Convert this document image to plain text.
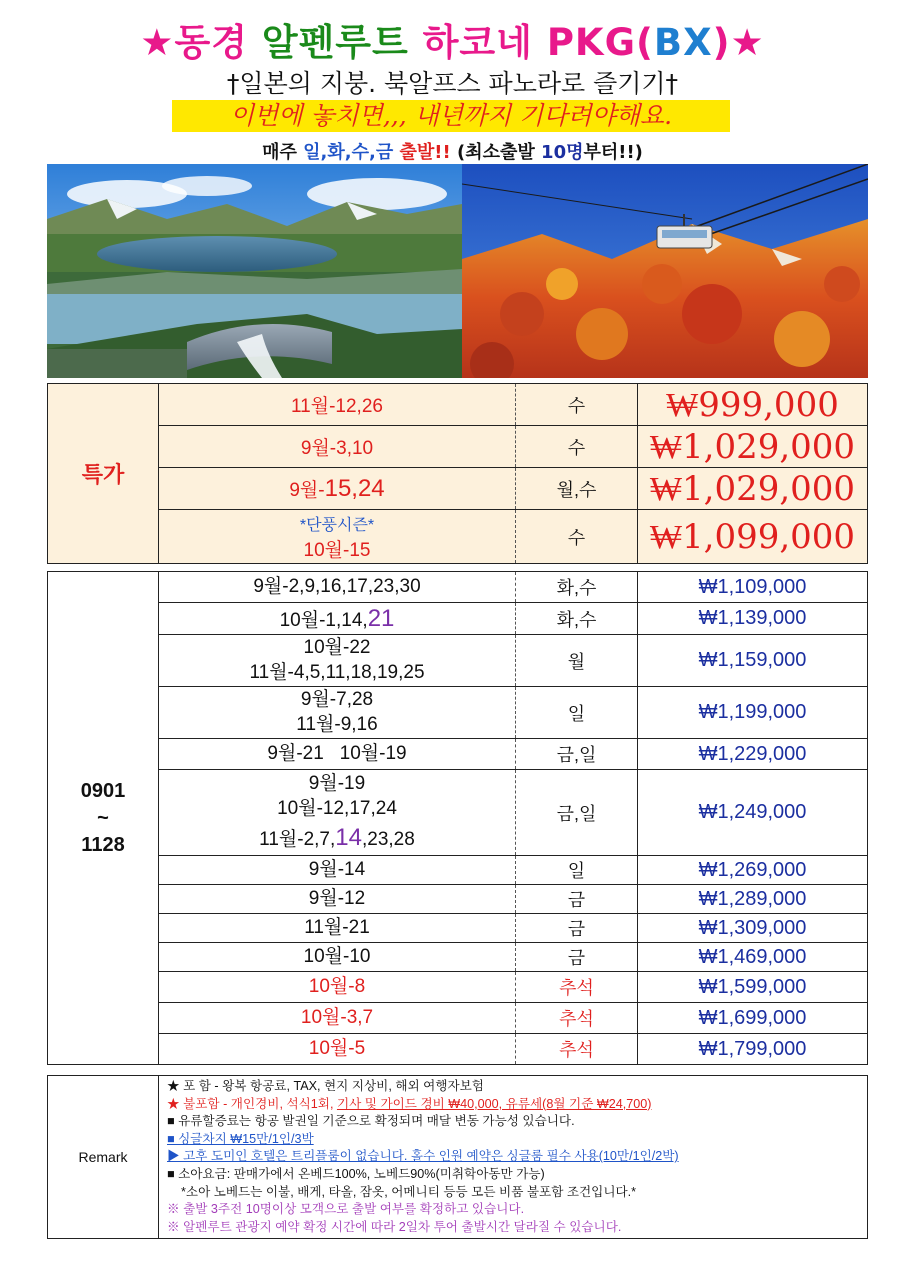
★동경 알펜루트 하코네 PKG(BX)★
†일본의 지붕. 북알프스 파노라로 즐기기†
이번에 놓치면,,, 내년까지 기다려야해요.
매주 일,화,수,금 출발!! (최소출발 10명부터!!)
특가	11월-12,26	수	₩999,000
	9월-3,10	수	₩1,029,000
	9월-15,24	월,수	₩1,029,000

	*단풍시즌*
10월-15	수	₩1,099,000
0901
~
1128	9월-2,9,16,17,23,30	화,수	₩1,109,000
	10월-1,14,21	화,수	₩1,139,000

	10월-22
11월-4,5,11,18,19,25	월	₩1,159,000

	9월-7,28
11월-9,16	일	₩1,199,000
	9월-21   10월-19	금,일	₩1,229,000

	9월-19
10월-12,17,24
11월-2,7,14,23,28	금,일	₩1,249,000
	9월-14	일	₩1,269,000
	9월-12	금	₩1,289,000
	11월-21	금	₩1,309,000
	10월-10	금	₩1,469,000
	10월-8	추석	₩1,599,000
	10월-3,7	추석	₩1,699,000
	10월-5	추석	₩1,799,000
Remark	
★ 포 함 - 왕복 항공료, TAX, 현지 지상비, 해외 여행자보험
★ 불포함 - 개인경비, 석식1회, 기사 및 가이드 경비 ₩40,000, 유류세(8월 기준 ₩24,700)
■ 유류할증료는 항공 발권일 기준으로 확정되며 매달 변동 가능성 있습니다.
■ 싱글차지 ₩15만/1인/3박
▶ 고후 도미인 호텔은 트리플룸이 없습니다. 홀수 인원 예약은 싱글룸 필수 사용(10만/1인/2박)
■ 소아요금: 판매가에서 온베드100%, 노베드90%(미취학아동만 가능)
*소아 노베드는 이불, 배게, 타올, 잠옷, 어메니티 등등 모든 비품 불포함 조건입니다.*
※ 출발 3주전 10명이상 모객으로 출발 여부를 확정하고 있습니다.
※ 알펜루트 관광지 예약 확정 시간에 따라 2일차 투어 출발시간 달라질 수 있습니다.
